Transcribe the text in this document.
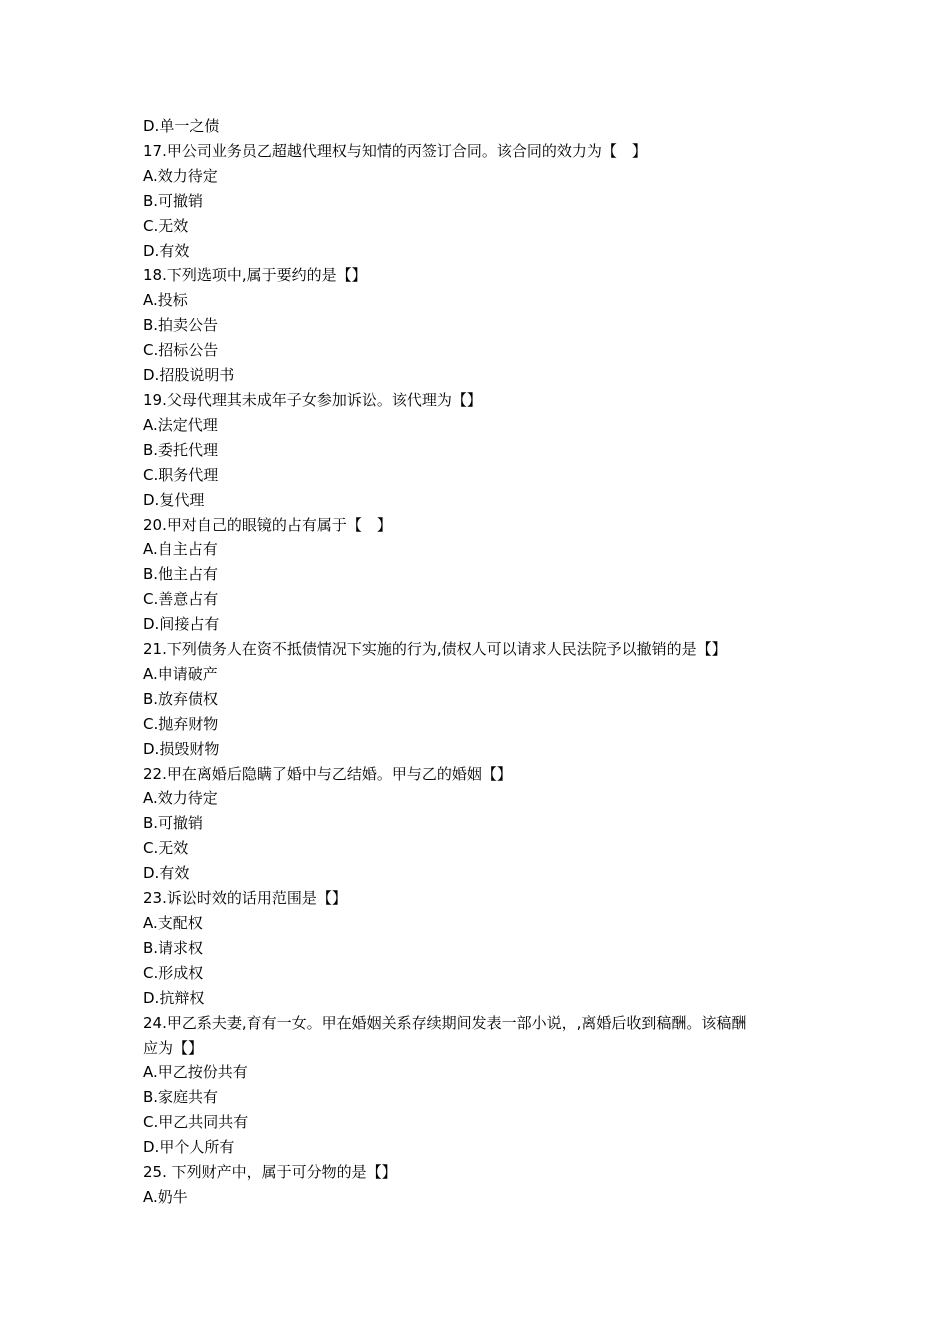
D.单一之债
17.甲公司业务员乙超越代理权与知情的丙签订合同。该合同的效力为【　】
A.效力待定
B.可撤销
C.无效
D.有效
18.下列选项中,属于要约的是【】
A.投标
B.拍卖公告
C.招标公告
D.招股说明书
19.父母代理其未成年子女参加诉讼。该代理为【】
A.法定代理
B.委托代理
C.职务代理
D.复代理
20.甲对自己的眼镜的占有属于【　】
A.自主占有
B.他主占有
C.善意占有
D.间接占有
21.下列债务人在资不抵债情况下实施的行为,债权人可以请求人民法院予以撤销的是【】
A.申请破产
B.放弃债权
C.抛弃财物
D.损毁财物
22.甲在离婚后隐瞒了婚中与乙结婚。甲与乙的婚姻【】
A.效力待定
B.可撤销
C.无效
D.有效
23.诉讼时效的话用范围是【】
A.支配权
B.请求权
C.形成权
D.抗辩权
24.甲乙系夫妻,育有一女。甲在婚姻关系存续期间发表一部小说，,离婚后收到稿酬。该稿酬
应为【】
A.甲乙按份共有
B.家庭共有
C.甲乙共同共有
D.甲个人所有
25. 下列财产中，属于可分物的是【】
A.奶牛
